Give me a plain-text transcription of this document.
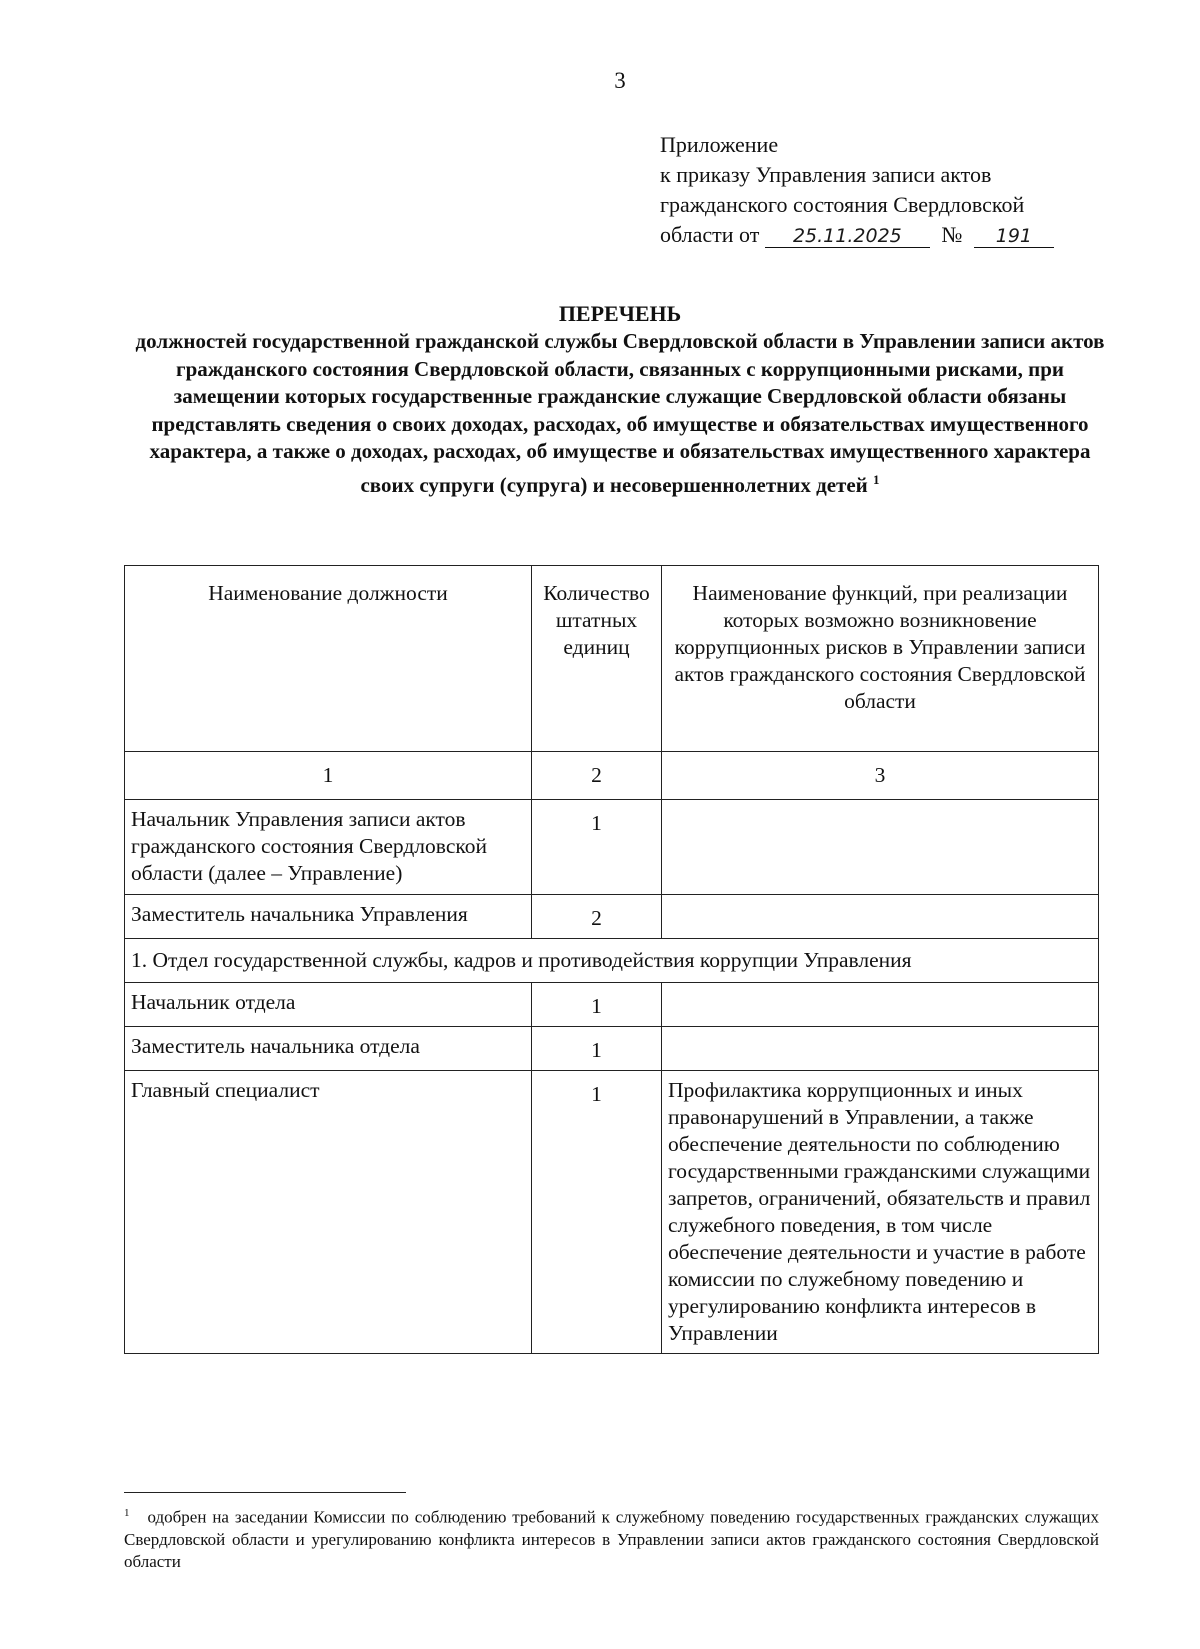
3
Приложение
к приказу Управления записи актов
гражданского состояния Свердловской
области от 25.11.2025 № 191
ПЕРЕЧЕНЬ
должностей государственной гражданской службы Свердловской области в Управлении записи актов гражданского состояния Свердловской области, связанных с коррупционными рисками, при замещении которых государственные гражданские служащие Свердловской области обязаны представлять сведения о своих доходах, расходах, об имуществе и обязательствах имущественного характера, а также о доходах, расходах, об имуществе и обязательствах имущественного характера своих супруги (супруга) и несовершеннолетних детей $^1$
Наименование должности	Количество штатных единиц	Наименование функций, при реализации которых возможно возникновение коррупционных рисков в Управлении записи актов гражданского состояния Свердловской области
1	2	3
Начальник Управления записи актов гражданского состояния Свердловской области (далее – Управление)	1	
Заместитель начальника Управления	2	
1. Отдел государственной службы, кадров и противодействия коррупции Управления		
Начальник отдела	1	
Заместитель начальника отдела	1	
Главный специалист	1	Профилактика коррупционных и иных правонарушений в Управлении, а также обеспечение деятельности по соблюдению государственными гражданскими служащими запретов, ограничений, обязательств и правил служебного поведения, в том числе обеспечение деятельности и участие в работе комиссии по служебному поведению и урегулированию конфликта интересов в Управлении
$^1$ одобрен на заседании Комиссии по соблюдению требований к служебному поведению государственных гражданских служащих Свердловской области и урегулированию конфликта интересов в Управлении записи актов гражданского состояния Свердловской области
